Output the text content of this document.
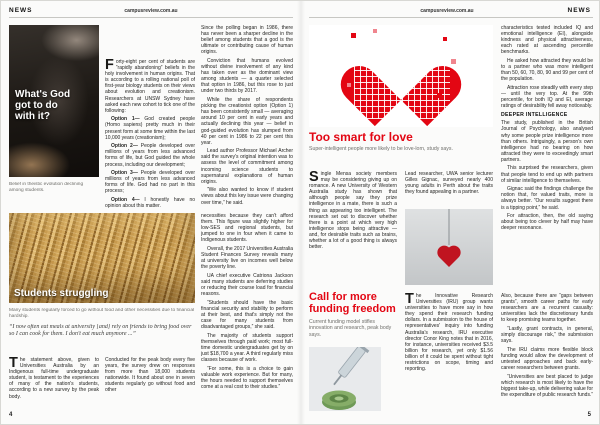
NEWS	campusreview.com.au	campusreview.com.au	NEWS
What's God got to do with it?
Belief in theistic evolution declining among students.

Forty-eight per cent of students are “rapidly abandoning” beliefs in the holy involvement in human origins. That is according to a rolling national poll of first-year biology students on their views about evolution and creationism. Researchers at UNSW Sydney have asked each new cohort to tick one of the following:

Option 1— God created people (Homo sapiens) pretty much in their present form at some time within the last 10,000 years (creationism);

Option 2— People developed over millions of years from less advanced forms of life, but God guided the whole process, including our development;

Option 3— People developed over millions of years from less advanced forms of life. God had no part in this process;

Option 4— I honestly have no opinion about this matter.

Since the polling began in 1986, there has never been a sharper decline in the belief among students that a god is the ultimate or contributing cause of human origins.

Conviction that humans evolved without divine involvement of any kind has taken over as the dominant view among students — a quarter selected that option in 1986, but this rose to just under two thirds by 2017.

While the share of respondents picking the creationist option (Option 1) has been consistently small — averaging around 10 per cent in early years and actually declining this year — belief in god-guided evolution has slumped from 40 per cent in 1986 to 22 per cent this year.

Lead author Professor Michael Archer said the survey's original intention was to assess the level of commitment among incoming science students to supernatural explanations of human origins.

“We also wanted to know if student views about this key issue were changing over time,” he said.

Students struggling
Many students regularly forced to go without food and other necessities due to financial hardship.
“I now often eat meals at university [and] rely on friends to bring food over so I can cook for them. I don't eat much anymore ...”

The statement above, given to Universities Australia by an Indigenous full-time undergraduate student, is testament to the experiences of many of the nation's students, according to a new survey by the peak body.

Conducted for the peak body every five years, the survey drew on responses from more than 18,000 students nationwide. It found about one in seven students regularly go without food and other

necessities because they can't afford them. This figure was slightly higher for low-SES and regional students, but jumped to one in four when it came to Indigenous students.

Overall, the 2017 Universities Australia Student Finances Survey reveals many at university live on incomes well below the poverty line.

UA chief executive Catriona Jackson said many students are deferring studies or reducing their course load for financial reasons.

“Students should have the basic financial security and stability to perform at their best, and that's simply not the case for many students from disadvantaged groups,” she said.

The majority of students support themselves through paid work; most full-time domestic undergraduates get by on just $18,700 a year. A third regularly miss classes because of work.

“For some, this is a choice to gain valuable work experience. But for many, the hours needed to support themselves come at a real cost to their studies.”

4
Too smart for love
Super-intelligent people more likely to be love-lorn, study says.

Single Mensa society members may be considering giving up on romance. A new University of Western Australia study has shown that although people say they prize intelligence in a mate, there is such a thing as appearing too intelligent. The research set out to discover whether there is a point at which very high intelligence stops being attractive — and, for desirable traits such as brains, whether a lot of a good thing is always better.

Lead researcher, UWA senior lecturer Gilles Gignac, surveyed nearly 400 young adults in Perth about the traits they found appealing in a partner.

characteristics tested included IQ and emotional intelligence (EI), alongside kindness and physical attractiveness, each rated at ascending percentile benchmarks.

He asked how attracted they would be to a partner who was more intelligent than 50, 60, 70, 80, 90 and 99 per cent of the population.

Attraction rose steadily with every step — until the very top. At the 99th percentile, for both IQ and EI, average ratings of desirability fell away noticeably.

DEEPER INTELLIGENCE

The study, published in the British Journal of Psychology, also analysed why some people prize intelligence more than others. Intriguingly, a person's own intelligence had no bearing on how attracted they were to exceedingly smart partners.

This surprised the researchers, given that people tend to end up with partners of similar intelligence to themselves.

Gignac said the findings challenge the notion that, for valued traits, more is always better. “Our results suggest there is a tipping point,” he said.

For attraction, then, the old saying about being too clever by half may have deeper resonance.

Call for more funding freedom
Current funding model stifles innovation and research, peak body says.

The Innovative Research Universities (IRU) group wants universities to have more say in how they spend their research funding dollars. In a submission to the house of representatives' inquiry into funding Australia's research, IRU executive director Conor King notes that in 2016, for instance, universities received $3.5 billion for research, yet only $1.56 billion of it could be spent without tight restrictions on scope, timing and reporting.

Also, because there are “gaps between grants”, smooth career paths for early researchers are a recurrent casualty: universities lack the discretionary funds to keep promising teams together.

“Lastly, grant contracts, in general, simply discourage risk,” the submission says.

The IRU claims more flexible block funding would allow the development of untested approaches and back early-career researchers between grants.

“Universities are best placed to judge which research is most likely to have the biggest take-up, while delivering value for the expenditure of public research funds.”

5
